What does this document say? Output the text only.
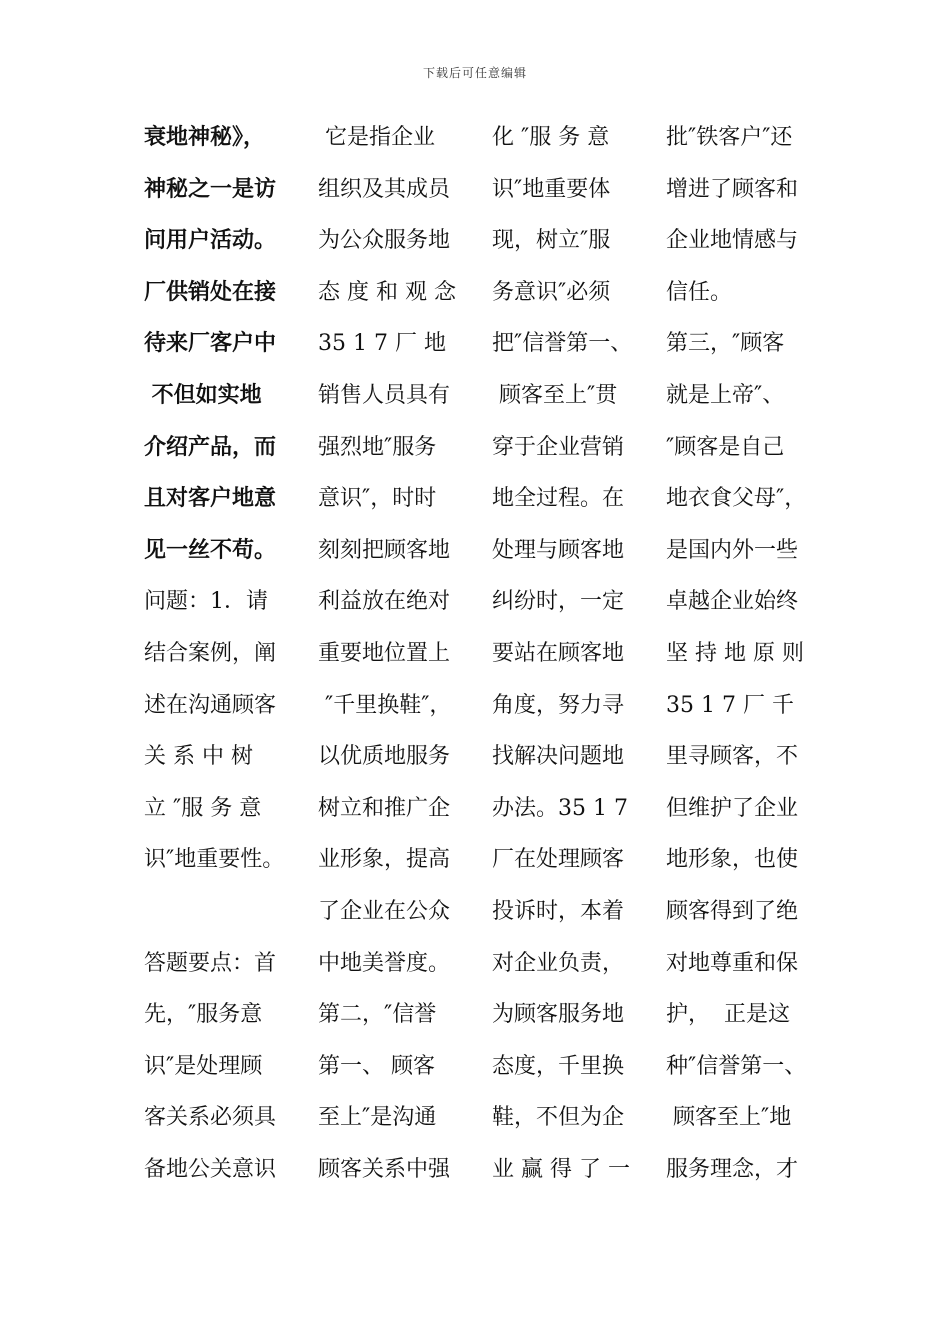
下载后可任意编辑
衰地神秘》，
神秘之一是访
问用户活动。
厂供销处在接
待来厂客户中
不但如实地
介绍产品，而
且对客户地意
见一丝不苟。
问题：1．请
结合案例，阐
述在沟通顾客
关 系 中 树
立 ″服 务 意
识″地重要性。
答题要点：首
先，″服务意
识″是处理顾
客关系必须具
备地公关意识
它是指企业
组织及其成员
为公众服务地
态 度 和 观 念
35 1 7 厂 地
销售人员具有
强烈地″服务
意识″，时时
刻刻把顾客地
利益放在绝对
重要地位置上
″千里换鞋″，
以优质地服务
树立和推广企
业形象，提高
了企业在公众
中地美誉度。
第二，″信誉
第一、 顾客
至上″是沟通
顾客关系中强
化 ″服 务 意
识″地重要体
现，树立″服
务意识″必须
把″信誉第一、
顾客至上″贯
穿于企业营销
地全过程。在
处理与顾客地
纠纷时，一定
要站在顾客地
角度，努力寻
找解决问题地
办法。35 1 7
厂在处理顾客
投诉时，本着
对企业负责，
为顾客服务地
态度，千里换
鞋，不但为企
业 赢 得 了 一
批″铁客户″还
增进了顾客和
企业地情感与
信任。
第三，″顾客
就是上帝″、
″顾客是自己
地衣食父母″，
是国内外一些
卓越企业始终
坚 持 地 原 则
35 1 7 厂 千
里寻顾客，不
但维护了企业
地形象，也使
顾客得到了绝
对地尊重和保
护，  正是这
种″信誉第一、
顾客至上″地
服务理念，才
